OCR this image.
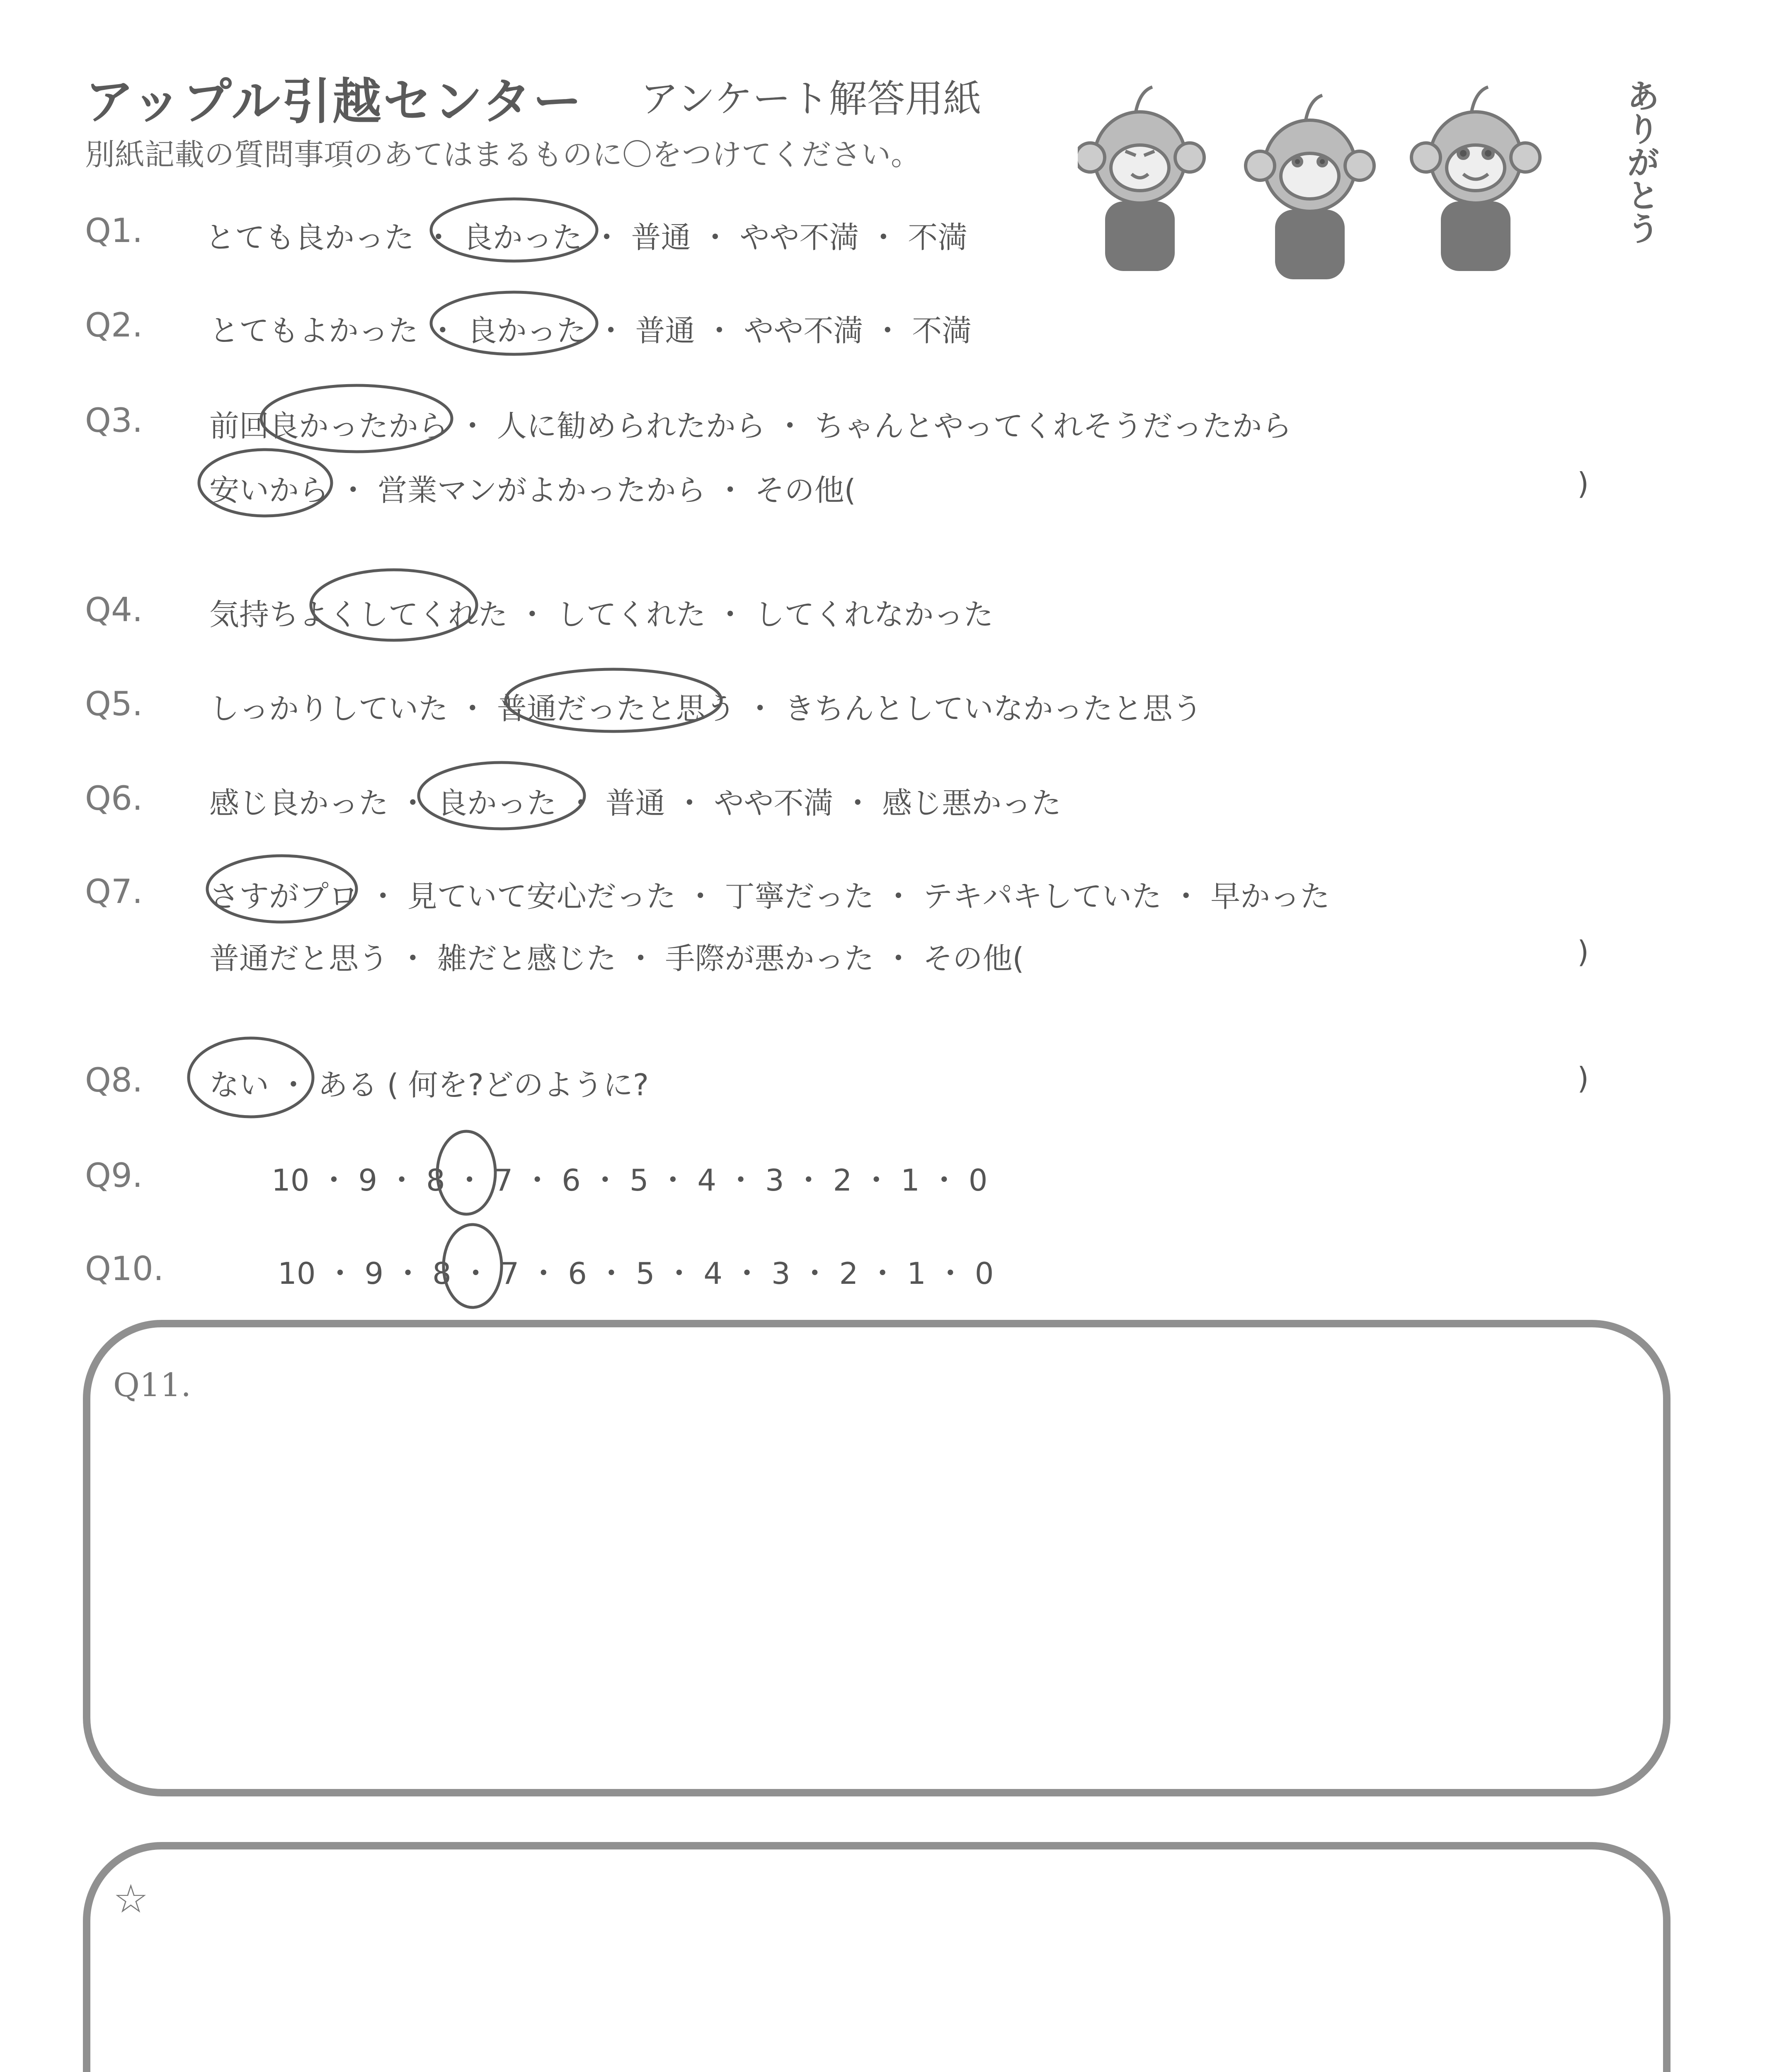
アップル引越センター アンケート解答用紙
別紙記載の質問事項のあてはまるものに〇をつけてください。	ありがとう
Q1. とても良かった ・ 良かった ・ 普通 ・ やや不満 ・ 不満
Q2. とてもよかった ・ 良かった ・ 普通 ・ やや不満 ・ 不満
Q3. 前回良かったから ・ 人に勧められたから ・ ちゃんとやってくれそうだったから
安いから ・ 営業マンがよかったから ・ その他(	)
Q4. 気持ちよくしてくれた ・ してくれた ・ してくれなかった
Q5. しっかりしていた ・ 普通だったと思う ・ きちんとしていなかったと思う
Q6. 感じ良かった ・ 良かった ・ 普通 ・ やや不満 ・ 感じ悪かった
Q7. さすがプロ ・ 見ていて安心だった ・ 丁寧だった ・ テキパキしていた ・ 早かった
普通だと思う ・ 雑だと感じた ・ 手際が悪かった ・ その他(	)
Q8. ない ・ ある ( 何を?どのように?	)
Q9.	10 ・ 9 ・ 8 ・ 7 ・ 6 ・ 5 ・ 4 ・ 3 ・ 2 ・ 1 ・ 0
Q10.	10 ・ 9 ・ 8 ・ 7 ・ 6 ・ 5 ・ 4 ・ 3 ・ 2 ・ 1 ・ 0
Q11.
☆
